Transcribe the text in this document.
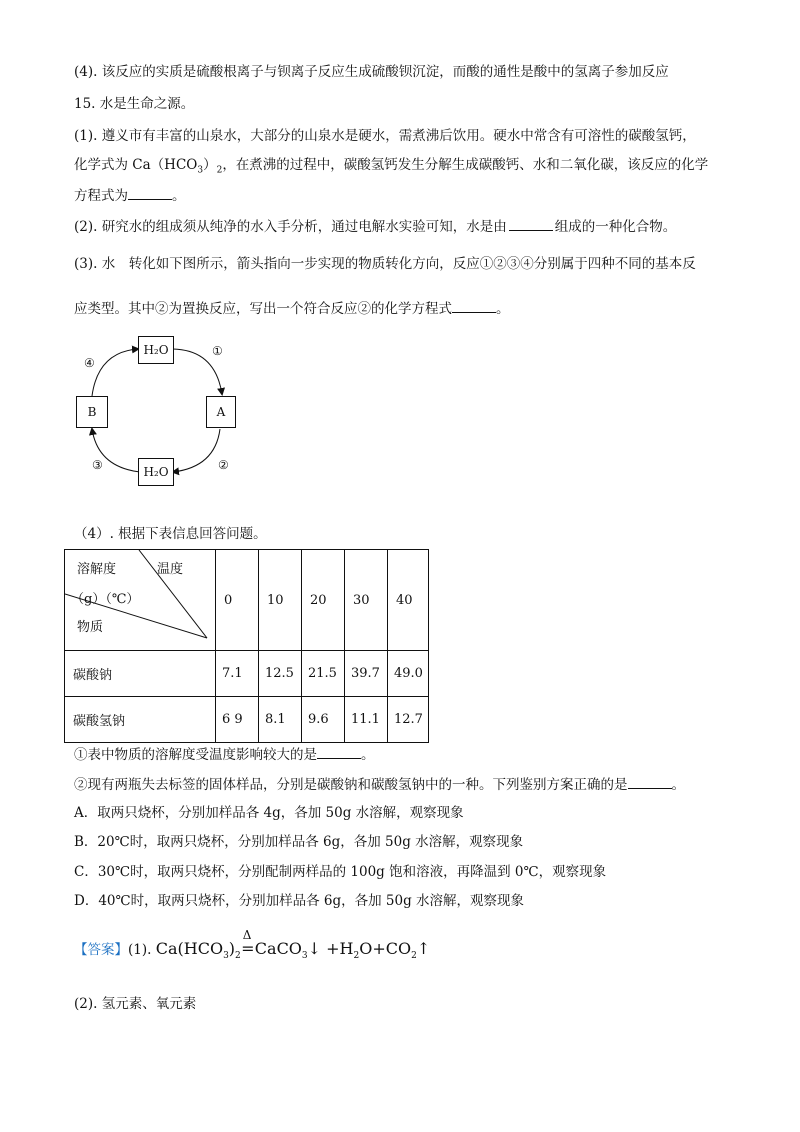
(4). 该反应的实质是硫酸根离子与钡离子反应生成硫酸钡沉淀，而酸的通性是酸中的氢离子参加反应
15. 水是生命之源。
(1). 遵义市有丰富的山泉水，大部分的山泉水是硬水，需煮沸后饮用。硬水中常含有可溶性的碳酸氢钙，
化学式为 $Ca(HCO_3)_2$，在煮沸的过程中，碳酸氢钙发生分解生成碳酸钙、水和二氧化碳，该反应的化学
方程式为	。
(2). 研究水的组成须从纯净的水入手分析，通过电解水实验可知，水是由	组成的一种化合物。
(3). 水　转化如下图所示，箭头指向一步实现的物质转化方向，反应①②③④分别属于四种不同的基本反
应类型。其中②为置换反应，写出一个符合反应②的化学方程式	。
H₂O
A
H₂O
B
①
②
③
④
（4）. 根据下表信息回答问题。
溶解度 温度
（g）（℃）
物质	0	10	20	30	40
碳酸钠	7.1	12.5	21.5	39.7	49.0
碳酸氢钠	6 9	8.1	9.6	11.1	12.7
①表中物质的溶解度受温度影响较大的是	。
②现有两瓶失去标签的固体样品，分别是碳酸钠和碳酸氢钠中的一种。下列鉴别方案正确的是	。
A．取两只烧杯，分别加样品各 4g，各加 50g 水溶解，观察现象
B．20℃时，取两只烧杯，分别加样品各 6g，各加 50g 水溶解，观察现象
C．30℃时，取两只烧杯，分别配制两样品的 100g 饱和溶液，再降温到 0℃，观察现象
D．40℃时，取两只烧杯，分别加样品各 6g，各加 50g 水溶解，观察现象
【答案】(1). $Ca(HCO_3)_2$
Δ
=CaCO$_3$↓ $+H_2O+CO_2↑$
(2). 氢元素、氧元素
